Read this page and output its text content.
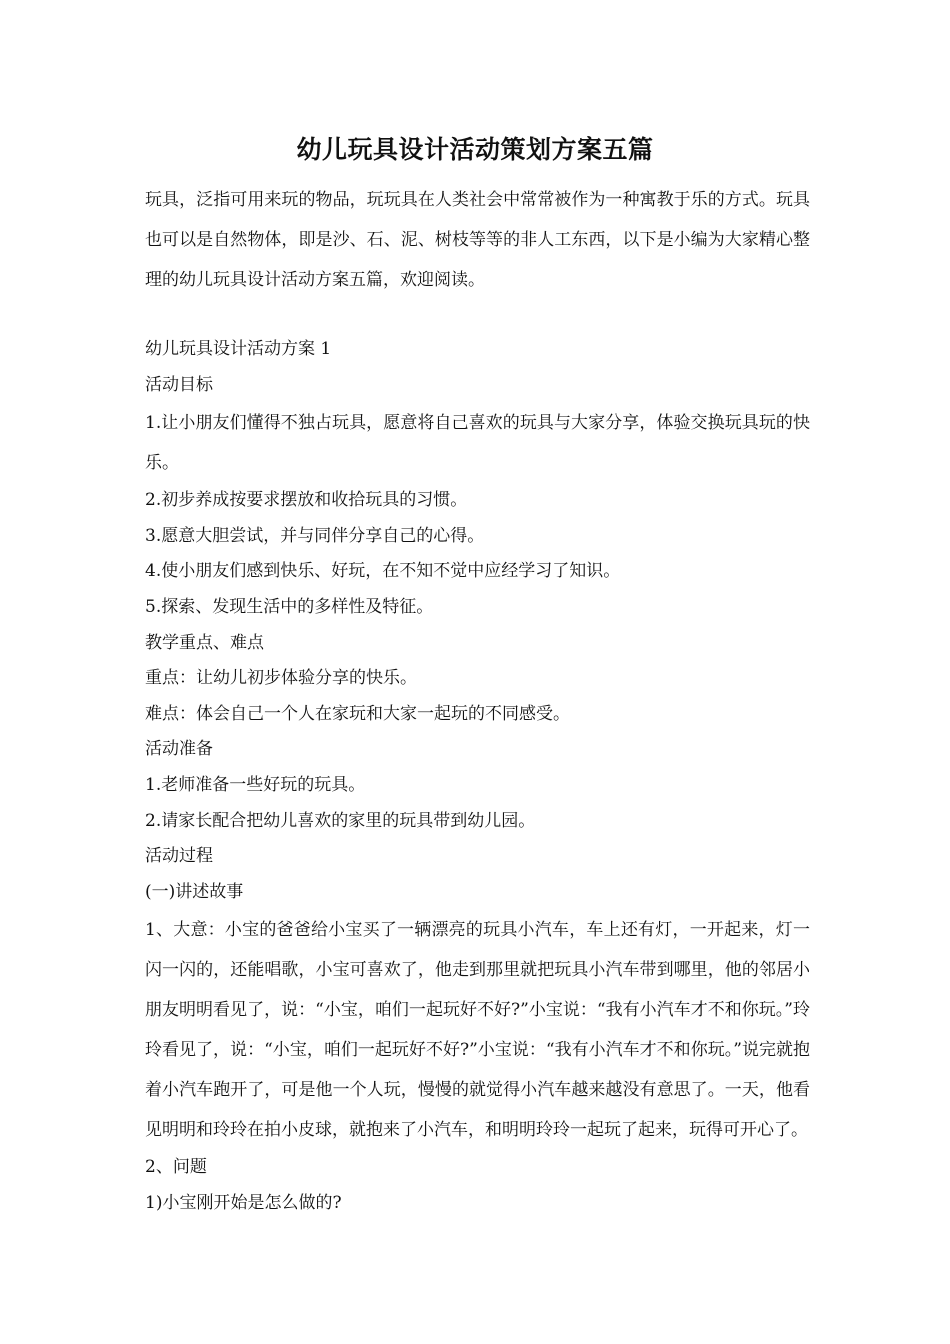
幼儿玩具设计活动策划方案五篇

玩具，泛指可用来玩的物品，玩玩具在人类社会中常常被作为一种寓教于乐的方式。玩具也可以是自然物体，即是沙、石、泥、树枝等等的非人工东西，以下是小编为大家精心整理的幼儿玩具设计活动方案五篇，欢迎阅读。

幼儿玩具设计活动方案 1

活动目标

1.让小朋友们懂得不独占玩具，愿意将自己喜欢的玩具与大家分享，体验交换玩具玩的快乐。

2.初步养成按要求摆放和收拾玩具的习惯。

3.愿意大胆尝试，并与同伴分享自己的心得。

4.使小朋友们感到快乐、好玩，在不知不觉中应经学习了知识。

5.探索、发现生活中的多样性及特征。

教学重点、难点

重点：让幼儿初步体验分享的快乐。

难点：体会自己一个人在家玩和大家一起玩的不同感受。

活动准备

1.老师准备一些好玩的玩具。

2.请家长配合把幼儿喜欢的家里的玩具带到幼儿园。

活动过程

(一)讲述故事

1、大意：小宝的爸爸给小宝买了一辆漂亮的玩具小汽车，车上还有灯，一开起来，灯一闪一闪的，还能唱歌，小宝可喜欢了，他走到那里就把玩具小汽车带到哪里，他的邻居小朋友明明看见了，说：“小宝，咱们一起玩好不好?”小宝说：“我有小汽车才不和你玩。”玲玲看见了，说：“小宝，咱们一起玩好不好?”小宝说：“我有小汽车才不和你玩。”说完就抱着小汽车跑开了，可是他一个人玩，慢慢的就觉得小汽车越来越没有意思了。一天，他看见明明和玲玲在拍小皮球，就抱来了小汽车，和明明玲玲一起玩了起来，玩得可开心了。

2、问题

1)小宝刚开始是怎么做的?
